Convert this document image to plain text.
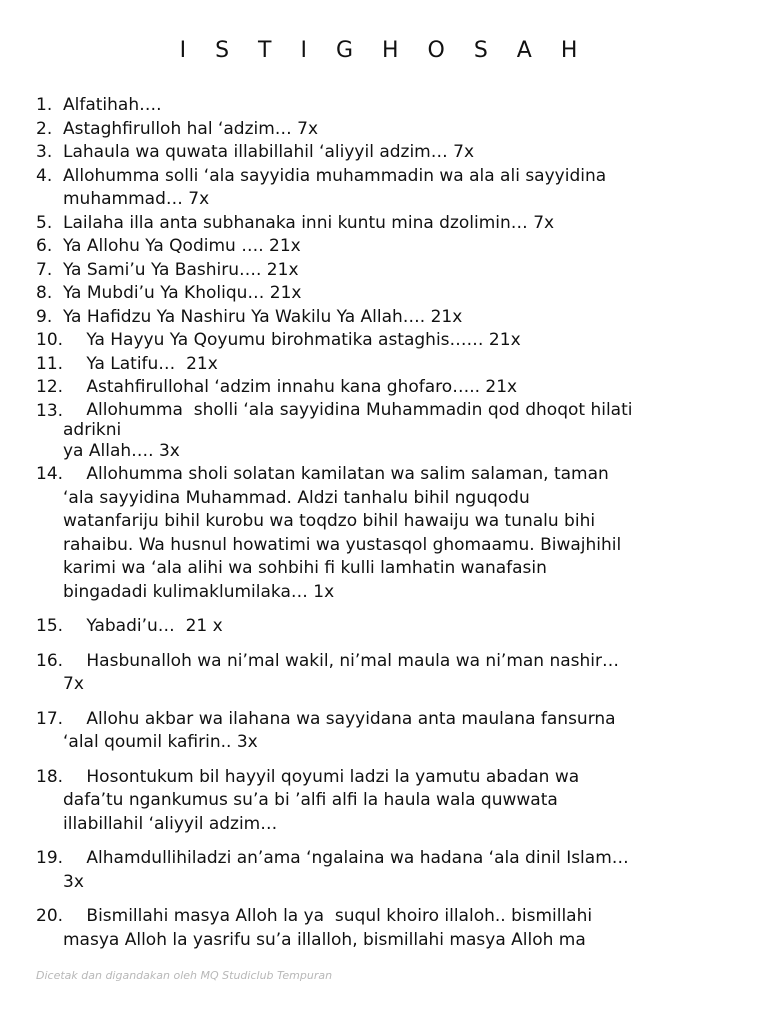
I S T I G H O S A H
1. Alfatihah….
2. Astaghfirulloh hal ‘adzim… 7x
3. Lahaula wa quwata illabillahil ‘aliyyil adzim… 7x
4. Allohumma solli ‘ala sayyidia muhammadin wa ala ali sayyidina
muhammad… 7x
5. Lailaha illa anta subhanaka inni kuntu mina dzolimin… 7x
6. Ya Allohu Ya Qodimu …. 21x
7. Ya Sami’u Ya Bashiru…. 21x
8. Ya Mubdi’u Ya Kholiqu… 21x
9. Ya Hafidzu Ya Nashiru Ya Wakilu Ya Allah…. 21x
10. Ya Hayyu Ya Qoyumu birohmatika astaghis…… 21x
11. Ya Latifu…  21x
12. Astahfirullohal ‘adzim innahu kana ghofaro….. 21x
13. Allohumma  sholli ‘ala sayyidina Muhammadin qod dhoqot hilati
adrikni
ya Allah…. 3x
14. Allohumma sholi solatan kamilatan wa salim salaman, taman
‘ala sayyidina Muhammad. Aldzi tanhalu bihil nguqodu
watanfariju bihil kurobu wa toqdzo bihil hawaiju wa tunalu bihi
rahaibu. Wa husnul howatimi wa yustasqol ghomaamu. Biwajhihil
karimi wa ‘ala alihi wa sohbihi fi kulli lamhatin wanafasin
bingadadi kulimaklumilaka… 1x
15. Yabadi’u…  21 x
16. Hasbunalloh wa ni’mal wakil, ni’mal maula wa ni’man nashir…
7x
17. Allohu akbar wa ilahana wa sayyidana anta maulana fansurna
‘alal qoumil kafirin.. 3x
18. Hosontukum bil hayyil qoyumi ladzi la yamutu abadan wa
dafa’tu ngankumus su’a bi ’alfi alfi la haula wala quwwata
illabillahil ‘aliyyil adzim…
19. Alhamdullihiladzi an’ama ‘ngalaina wa hadana ‘ala dinil Islam…
3x
20. Bismillahi masya Alloh la ya  suqul khoiro illaloh.. bismillahi
masya Alloh la yasrifu su’a illalloh, bismillahi masya Alloh ma
Dicetak dan digandakan oleh MQ Studiclub Tempuran
